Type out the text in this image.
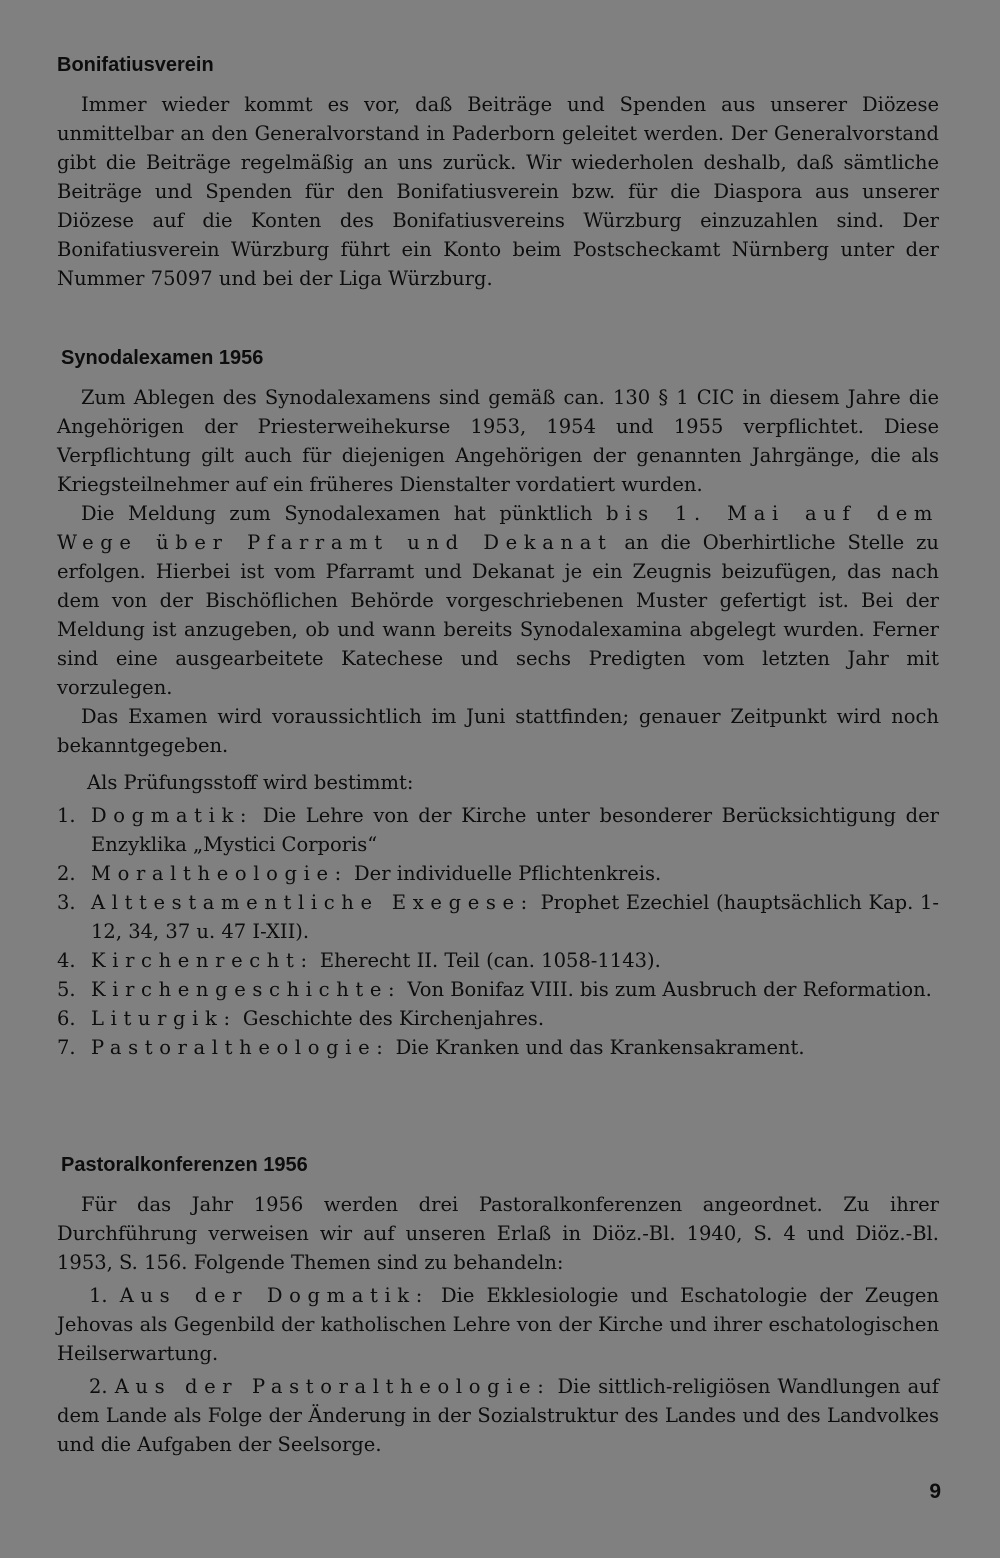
Bonifatiusverein

Immer wieder kommt es vor, daß Beiträge und Spenden aus unserer Diözese unmittelbar an den Generalvorstand in Paderborn geleitet werden. Der Generalvorstand gibt die Beiträge regelmäßig an uns zurück. Wir wiederholen deshalb, daß sämtliche Beiträge und Spenden für den Bonifatiusverein bzw. für die Diaspora aus unserer Diözese auf die Konten des Bonifatiusvereins Würzburg einzuzahlen sind. Der Bonifatiusverein Würzburg führt ein Konto beim Postscheckamt Nürnberg unter der Nummer 75097 und bei der Liga Würzburg.

Synodalexamen 1956

Zum Ablegen des Synodalexamens sind gemäß can. 130 § 1 CIC in diesem Jahre die Angehörigen der Priesterweihekurse 1953, 1954 und 1955 verpflichtet. Diese Verpflichtung gilt auch für diejenigen Angehörigen der genannten Jahrgänge, die als Kriegsteilnehmer auf ein früheres Dienstalter vordatiert wurden.

Die Meldung zum Synodalexamen hat pünktlich bis 1. Mai auf dem Wege über Pfarramt und Dekanat an die Oberhirtliche Stelle zu erfolgen. Hierbei ist vom Pfarramt und Dekanat je ein Zeugnis beizufügen, das nach dem von der Bischöflichen Behörde vorgeschriebenen Muster gefertigt ist. Bei der Meldung ist anzugeben, ob und wann bereits Synodalexamina abgelegt wurden. Ferner sind eine ausgearbeitete Katechese und sechs Predigten vom letzten Jahr mit vorzulegen.

Das Examen wird voraussichtlich im Juni stattfinden; genauer Zeitpunkt wird noch bekanntgegeben.

Als Prüfungsstoff wird bestimmt:

1. Dogmatik: Die Lehre von der Kirche unter besonderer Berücksichtigung der Enzyklika „Mystici Corporis“
2. Moraltheologie: Der individuelle Pflichtenkreis.
3. Alttestamentliche Exegese: Prophet Ezechiel (hauptsächlich Kap. 1-12, 34, 37 u. 47 I-XII).
4. Kirchenrecht: Eherecht II. Teil (can. 1058-1143).
5. Kirchengeschichte: Von Bonifaz VIII. bis zum Ausbruch der Reformation.
6. Liturgik: Geschichte des Kirchenjahres.
7. Pastoraltheologie: Die Kranken und das Krankensakrament.
Pastoralkonferenzen 1956

Für das Jahr 1956 werden drei Pastoralkonferenzen angeordnet. Zu ihrer Durchführung verweisen wir auf unseren Erlaß in Diöz.-Bl. 1940, S. 4 und Diöz.-Bl. 1953, S. 156. Folgende Themen sind zu behandeln:

1. Aus der Dogmatik: Die Ekklesiologie und Eschatologie der Zeugen Jehovas als Gegenbild der katholischen Lehre von der Kirche und ihrer eschatologischen Heilserwartung.

2. Aus der Pastoraltheologie: Die sittlich-religiösen Wandlungen auf dem Lande als Folge der Änderung in der Sozialstruktur des Landes und des Landvolkes und die Aufgaben der Seelsorge.

9
